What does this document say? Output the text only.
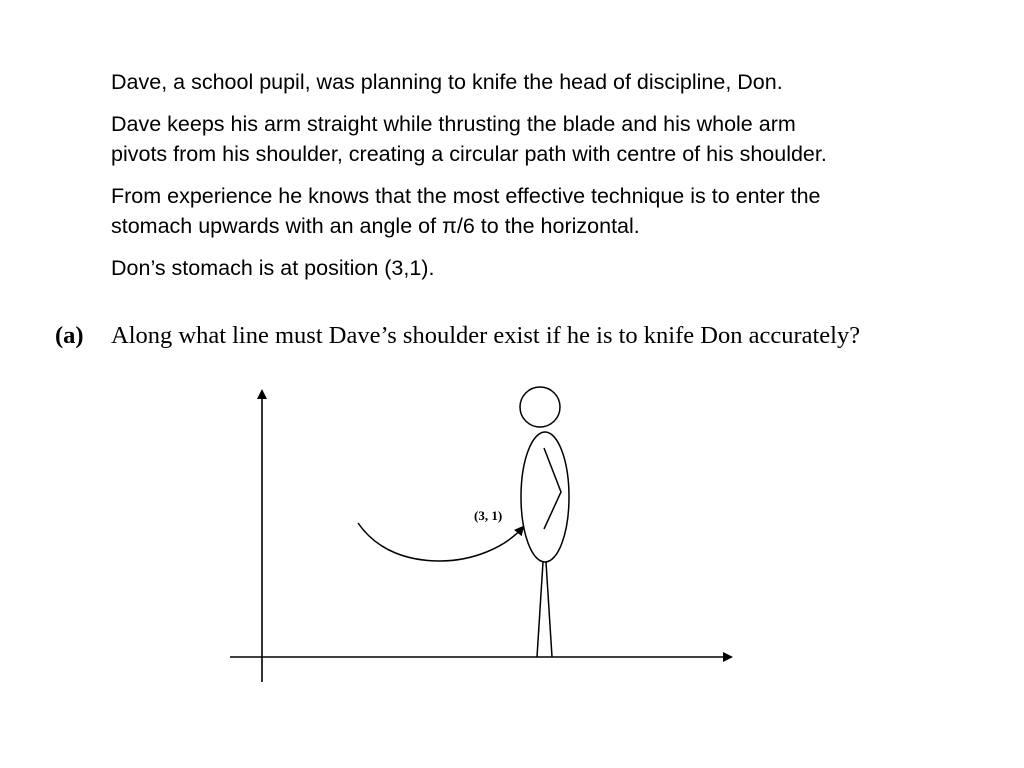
Dave, a school pupil, was planning to knife the head of discipline, Don.

Dave keeps his arm straight while thrusting the blade and his whole arm

pivots from his shoulder, creating a circular path with centre of his shoulder.

From experience he knows that the most effective technique is to enter the

stomach upwards with an angle of π/6 to the horizontal.

Don’s stomach is at position (3,1).

(a) Along what line must Dave’s shoulder exist if he is to knife Don accurately?
(3, 1)
